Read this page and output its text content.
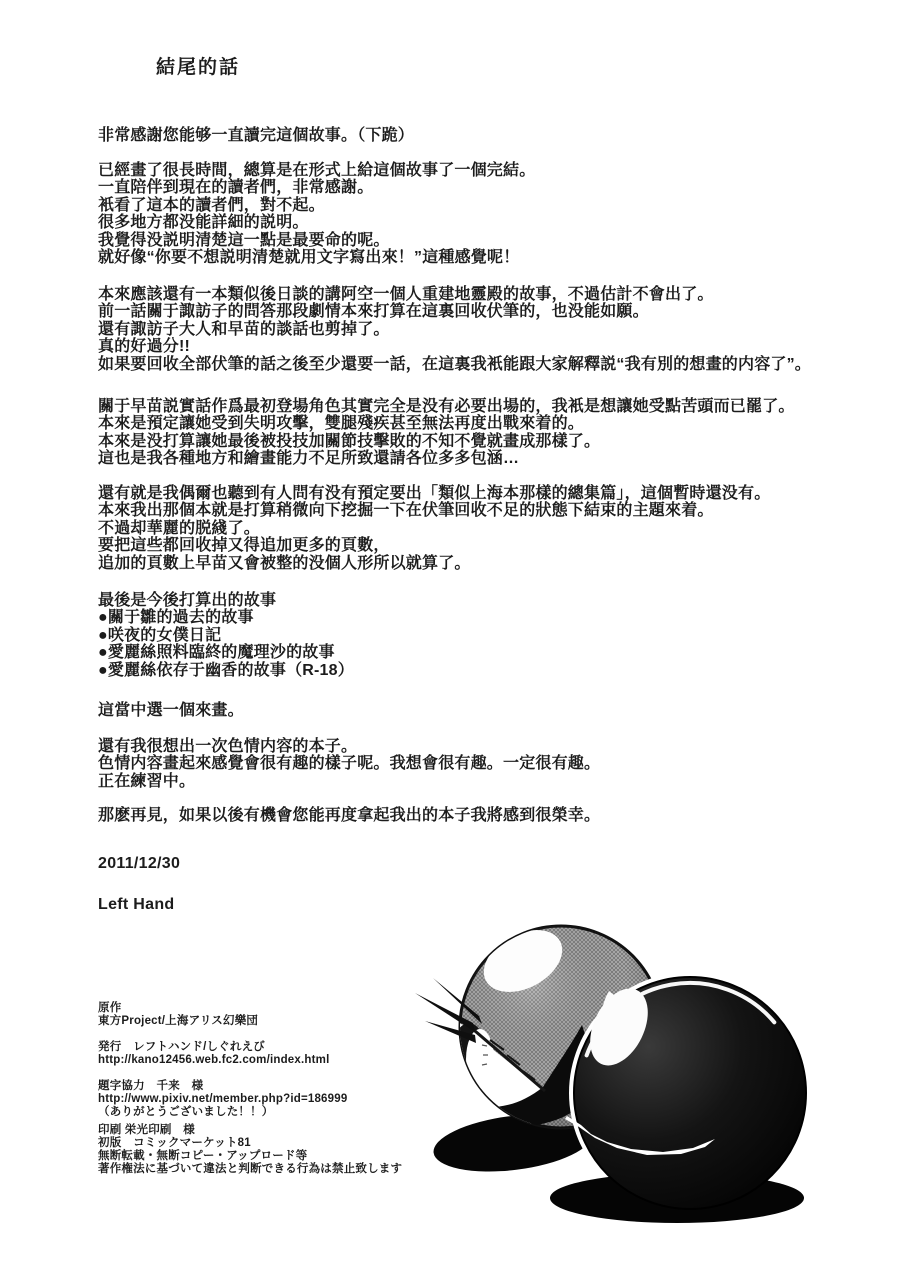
結尾的話
非常感謝您能够一直讀完這個故事。（下跪）
已經畫了很長時間，總算是在形式上給這個故事了一個完結。
一直陪伴到現在的讀者們，非常感謝。
衹看了這本的讀者們，對不起。
很多地方都没能詳細的説明。
我覺得没説明清楚這一點是最要命的呢。
就好像“你要不想説明清楚就用文字寫出來！”這種感覺呢！
本來應該還有一本類似後日談的講阿空一個人重建地靈殿的故事，不過估計不會出了。
前一話關于諏訪子的問答那段劇情本來打算在這裏回收伏筆的，也没能如願。
還有諏訪子大人和早苗的談話也剪掉了。
真的好過分!!
如果要回收全部伏筆的話之後至少還要一話，在這裏我衹能跟大家解釋説“我有別的想畫的内容了”。
關于早苗説實話作爲最初登場角色其實完全是没有必要出場的，我衹是想讓她受點苦頭而已罷了。
本來是預定讓她受到失明攻擊，雙腿殘疾甚至無法再度出戰來着的。
本來是没打算讓她最後被投技加關節技擊敗的不知不覺就畫成那樣了。
這也是我各種地方和繪畫能力不足所致還請各位多多包涵…
還有就是我偶爾也聽到有人問有没有預定要出「類似上海本那樣的總集篇」，這個暫時還没有。
本來我出那個本就是打算稍微向下挖掘一下在伏筆回收不足的狀態下結束的主題來着。
不過却華麗的脱綫了。
要把這些都回收掉又得追加更多的頁數，
追加的頁數上早苗又會被整的没個人形所以就算了。
最後是今後打算出的故事
●關于雛的過去的故事
●咲夜的女僕日記
●愛麗絲照料臨終的魔理沙的故事
●愛麗絲依存于幽香的故事（R-18）
這當中選一個來畫。
還有我很想出一次色情内容的本子。
色情内容畫起來感覺會很有趣的樣子呢。我想會很有趣。一定很有趣。
正在練習中。
那麽再見，如果以後有機會您能再度拿起我出的本子我將感到很榮幸。
2011/12/30
Left Hand
原作
東方Project/上海アリス幻樂団
発行　レフトハンド/しぐれえび
http://kano12456.web.fc2.com/index.html
題字協力　千来　様
http://www.pixiv.net/member.php?id=186999
（ありがとうございました！！）
印刷 栄光印刷　様
初版　コミックマーケット81
無断転載・無断コピー・アップロード等
著作権法に基づいて違法と判断できる行為は禁止致します
